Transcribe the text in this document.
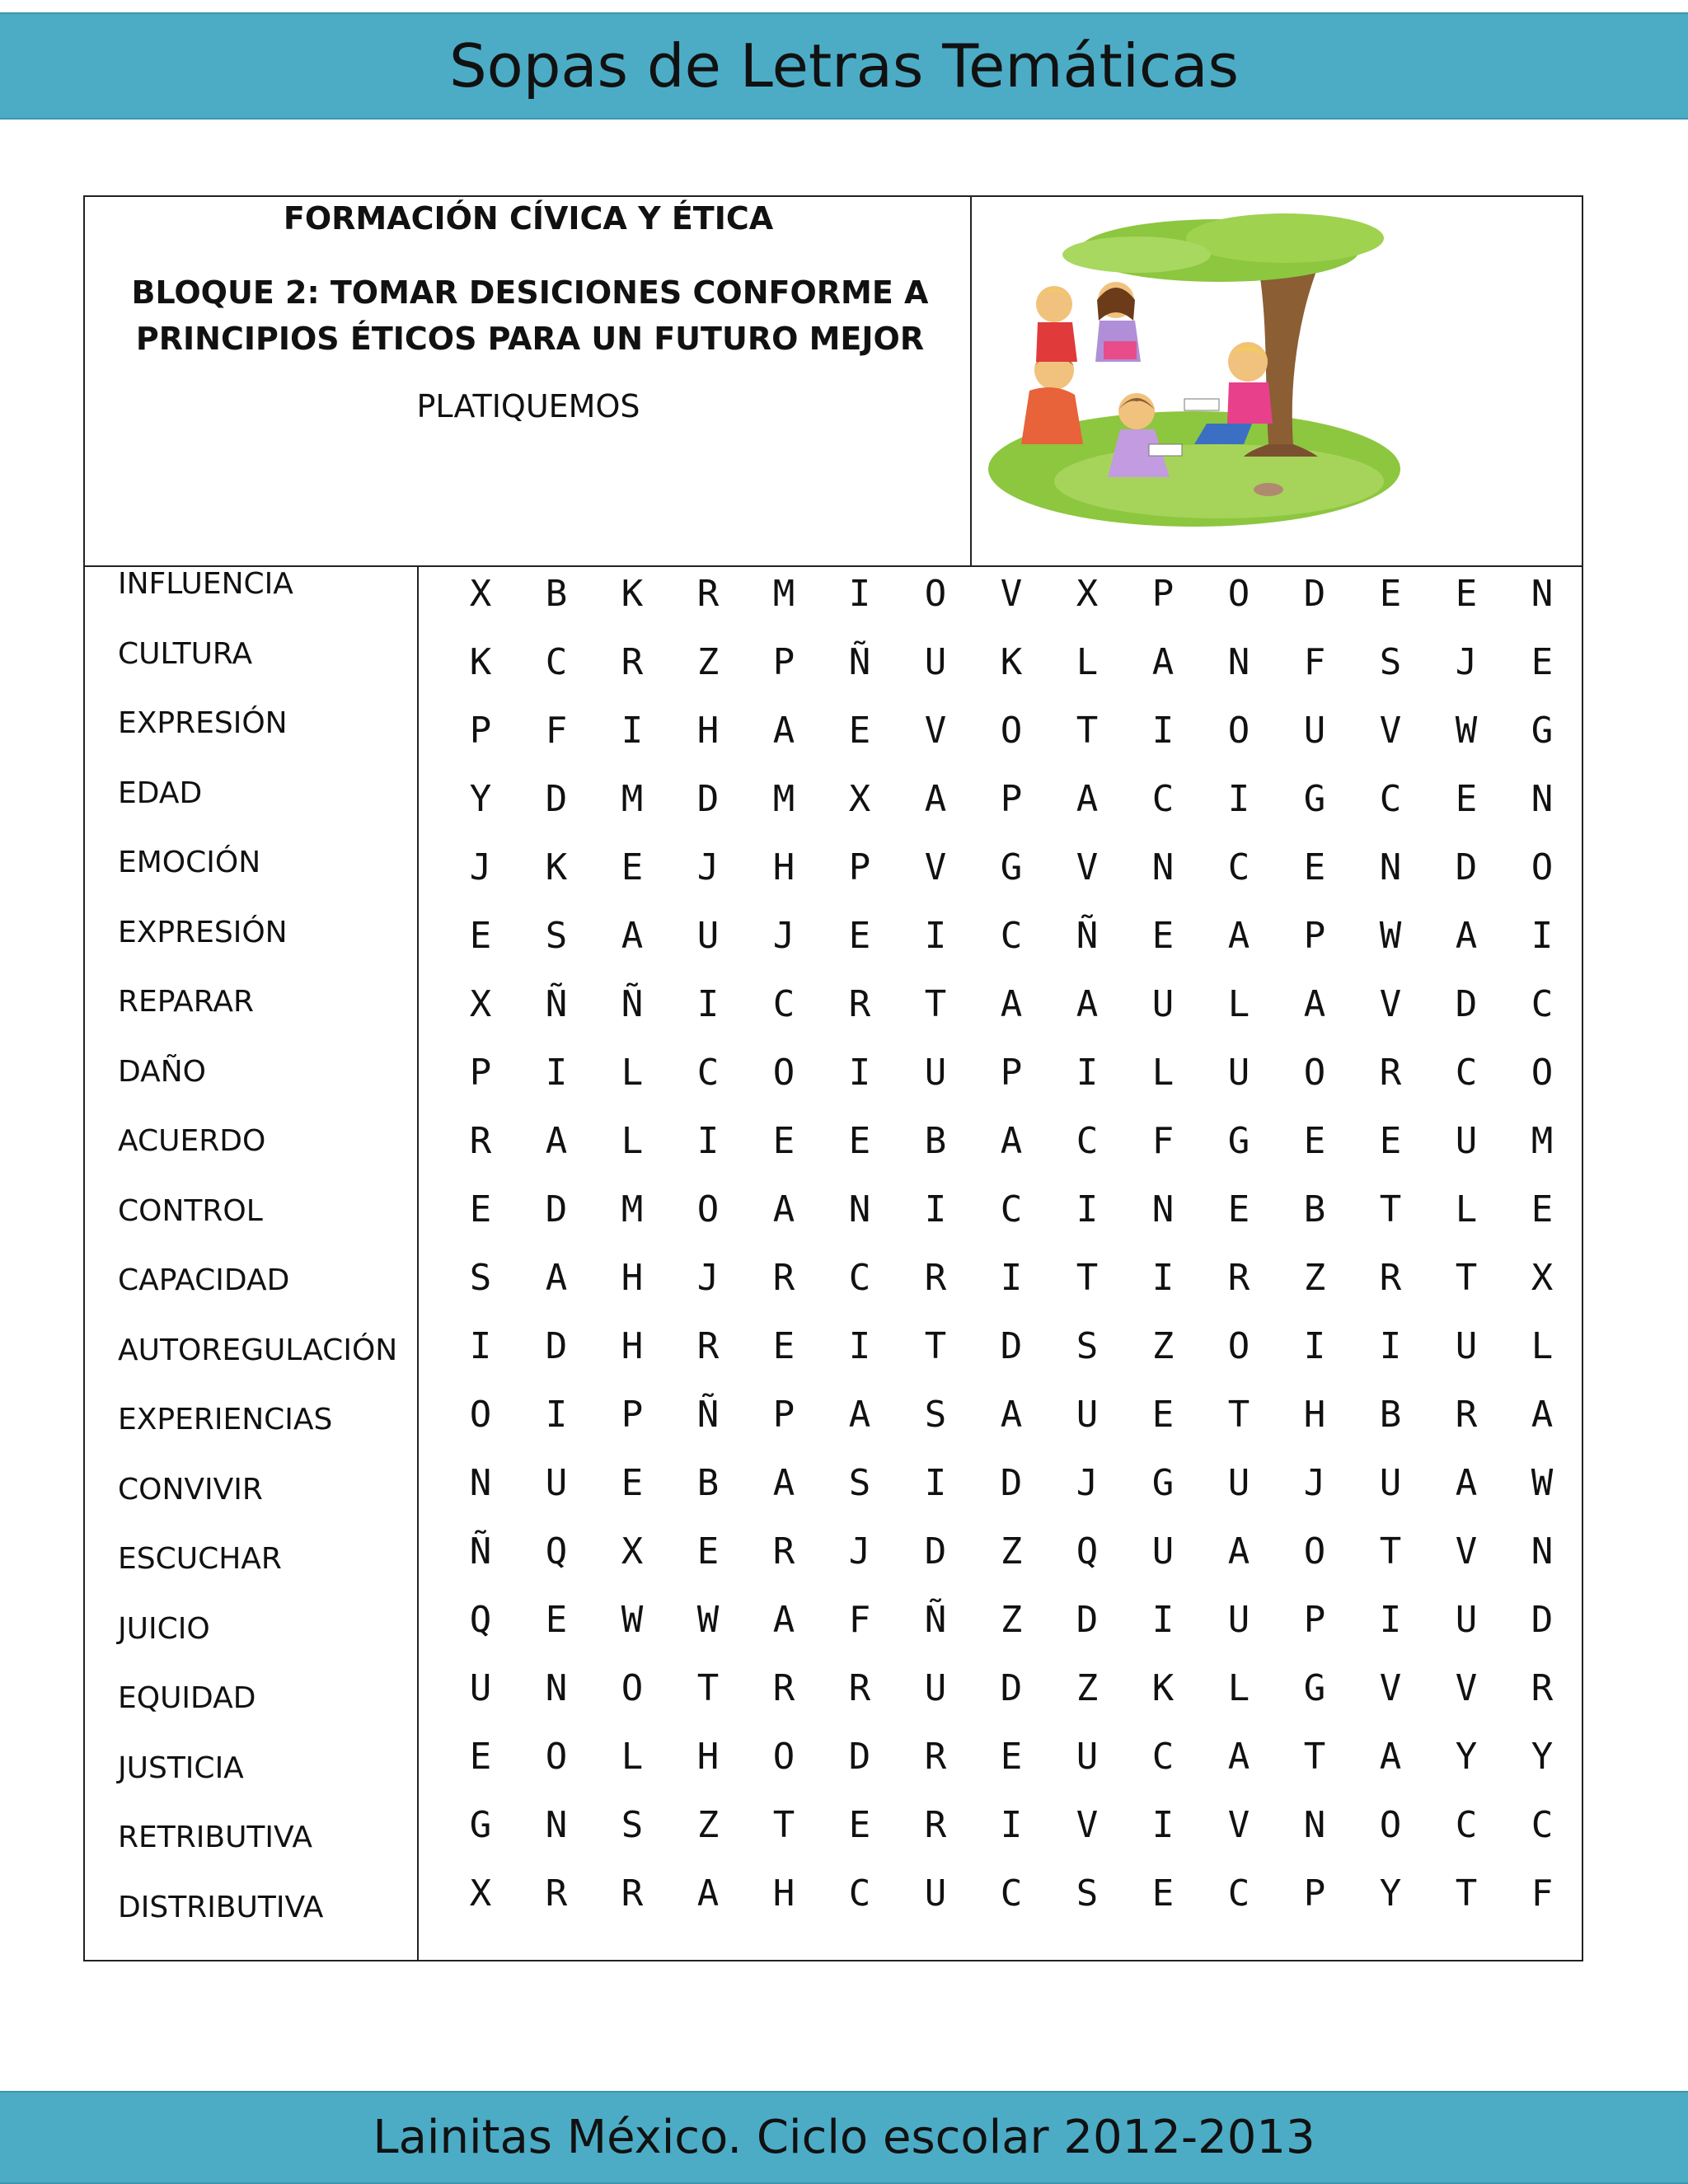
Sopas de Letras Temáticas
FORMACIÓN CÍVICA Y ÉTICA
BLOQUE 2: TOMAR DESICIONES CONFORME A
PRINCIPIOS ÉTICOS PARA UN FUTURO MEJOR
PLATIQUEMOS
INFLUENCIA
CULTURA
EXPRESIÓN
EDAD
EMOCIÓN
EXPRESIÓN
REPARAR
DAÑO
ACUERDO
CONTROL
CAPACIDAD
AUTOREGULACIÓN
EXPERIENCIAS
CONVIVIR
ESCUCHAR
JUICIO
EQUIDAD
JUSTICIA
RETRIBUTIVA
DISTRIBUTIVA
X	B	K	R	M	I	O	V	X	P	O	D	E	E	N
K	C	R	Z	P	Ñ	U	K	L	A	N	F	S	J	E
P	F	I	H	A	E	V	O	T	I	O	U	V	W	G
Y	D	M	D	M	X	A	P	A	C	I	G	C	E	N
J	K	E	J	H	P	V	G	V	N	C	E	N	D	O
E	S	A	U	J	E	I	C	Ñ	E	A	P	W	A	I
X	Ñ	Ñ	I	C	R	T	A	A	U	L	A	V	D	C
P	I	L	C	O	I	U	P	I	L	U	O	R	C	O
R	A	L	I	E	E	B	A	C	F	G	E	E	U	M
E	D	M	O	A	N	I	C	I	N	E	B	T	L	E
S	A	H	J	R	C	R	I	T	I	R	Z	R	T	X
I	D	H	R	E	I	T	D	S	Z	O	I	I	U	L
O	I	P	Ñ	P	A	S	A	U	E	T	H	B	R	A
N	U	E	B	A	S	I	D	J	G	U	J	U	A	W
Ñ	Q	X	E	R	J	D	Z	Q	U	A	O	T	V	N
Q	E	W	W	A	F	Ñ	Z	D	I	U	P	I	U	D
U	N	O	T	R	R	U	D	Z	K	L	G	V	V	R
E	O	L	H	O	D	R	E	U	C	A	T	A	Y	Y
G	N	S	Z	T	E	R	I	V	I	V	N	O	C	C
X	R	R	A	H	C	U	C	S	E	C	P	Y	T	F
Lainitas México. Ciclo escolar 2012-2013
